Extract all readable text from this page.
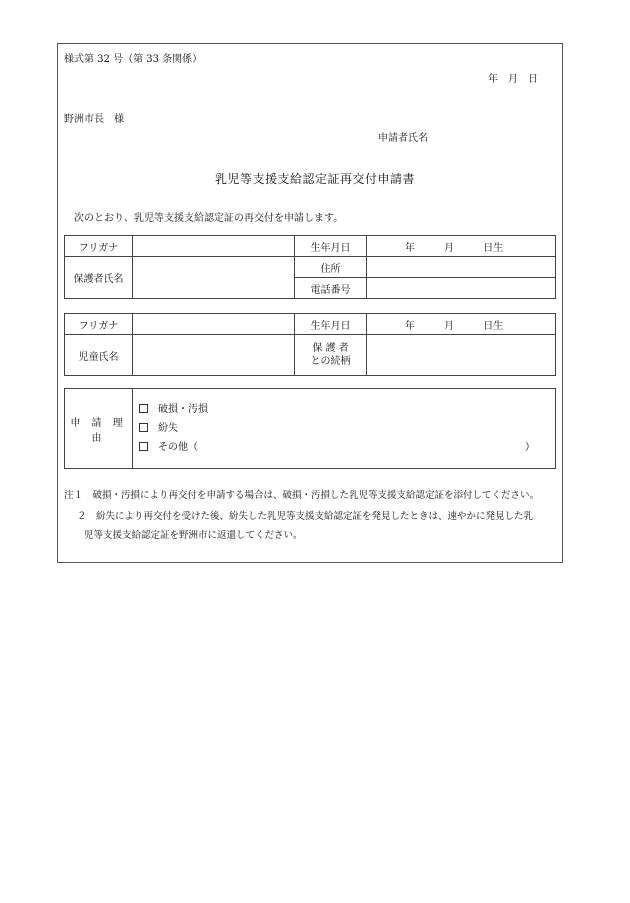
様式第 32 号（第 33 条関係）
年　月　日
野洲市長　様
申請者氏名
乳児等支援支給認定証再交付申請書
次のとおり、乳児等支援支給認定証の再交付を申請します。
フリガナ		生年月日	年 月 日生
保護者氏名		住所	
		電話番号	
フリガナ		生年月日	年 月 日生
児童氏名		保 護 者
との続柄	

申 請 理 由	
破損・汚損
紛失
その他（	）
注１　破損・汚損により再交付を申請する場合は、破損・汚損した乳児等支援支給認定証を添付してください。
２　紛失により再交付を受けた後、紛失した乳児等支援支給認定証を発見したときは、速やかに発見した乳
児等支援支給認定証を野洲市に返還してください。
